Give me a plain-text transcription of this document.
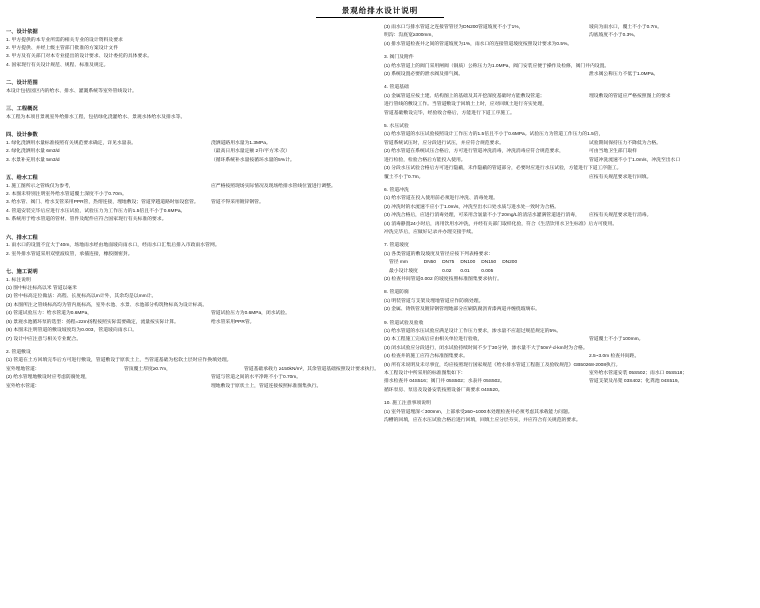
景观给排水设计说明
一、设计依据
1. 甲方提供的本专业所需的相关专业的设计资料及要求
2. 甲方提供、并经上级主管部门批准的方案设计文件
3. 甲方及有关部门对本专业提出的设计要求、设计委托的具体要求。
4. 国家现行有关设计规范、规程、标准及规定。
二、设计范围
本设计包括园区内的给水、排水、灌溉系统等室外管线设计。
三、工程概况
本工程为本项目景观室外给排水工程，包括绿化浇灌给水、景观水体给水及排水等。
四、设计参数
1. 绿化浇洒用水量标准按照有关规范要求确定，详见水量表。	浇洒道路用水量为1.3MPa。
2. 绿化浇洒用水量 6m3/d	（最高日用水量定额 2升/平方米·次）
3. 水景补充用水量 5m3/d	（循环系统补水量按循环水量的5%计。
五、给水工程
1. 施工图所示之管线仅为参考，	应严格按照现场实际情况及现场给排水管线位置进行调整。
2. 本图未特别注明室外给水管道覆土深度不小于0.70m。
3. 给水管、阀门、给水支管采用PPR管，热熔连接，埋地敷设；管道穿越道路时加设套管。	管道不得采用镀锌钢管。
4. 管道安装完毕后应进行水压试验，试验压力为工作压力的1.5倍且不小于0.6MPa。
5. 系统用于给水管道的管材、管件及配件应符合国家现行有关标准的要求。
六、排水工程
1. 雨水口的设置不宜大于40m，场地雨水经由地面坡向雨水口，经雨水口汇集后排入市政雨水管网。
2. 室外排水管道采用双壁波纹管，承插连接，橡胶圈密封。
七、施工说明
1. 标注说明
(1) 图中标注标高以米 管道以毫米
(2) 管中标高定位做法：高程、长度标高以m计外，其余均是以mm计。
(3) 本图所注之管线标高均为管内底标高，室外水池、水景、水池部分构筑物标高为设计标高。
(4) 管道试验压力：给水管道为0.6MPa，	管道试验压力为0.6MPa，闭水试验。
(5) 景观水池循环泵的选型：扬程=22m扬程按照实际需要确定，流量按实际计算。	给水管采用PPR管。
(6) 本图未注明管道的敷设坡度均为0.003，管道坡向雨水口。
(7) 设计中应注意与相关专业配合。
2. 管道敷设
(1) 管道在土方回填完毕后方可进行敷设，管道敷设于原状土上，当管道基础为松软土层时应作换填处理。
室外埋地管道：	管顶覆土厚度≥0.7m，	管道基础承载力 ≥150kN/m²，其余管道基础按照设计要求执行。
(2) 给水管埋地敷设时应考虑防腐处理，	管道与管道之间的水平净距不小于0.70m。
室外给水管道：	埋地敷设于原状土上，管道连接按照标准图集执行。
(3) 雨水口与排水管道之连接管管径为DN200管道坡度不小于1%，	坡向为雨水口，覆土不小于0.7m。
明沟：沟底宽≥300mm，	沟底坡度不小于0.3%。
(4) 排水管道检查井之间的管道坡度为1%，雨水口的连接管道坡度按照设计要求为0.5%。
3. 阀门及附件
(1) 给水管道上的阀门采用闸阀（铜质）公称压力为1.0MPa，阀门安装应便于操作及检修，阀门井内设置。
(2) 系统设置必要的泄水阀及排气阀。	泄水阀公称压力不低于1.0MPa。
4. 管道基础
(1) 金属管道应按土建、结构图上的基础及其开挖深度基础时方能敷设管道；	埋设敷设的管道应严格按照图上的要求
进行管线的敷设工作。当管道敷设于回填土上时，应对回填土进行夯实处理，
管道基础敷设完毕，经验收合格后，方能进行下道工序施工。
5. 水压试验
(1) 给水管道的水压试验按照设计工作压力的1.5倍且不小于0.6MPa。试验压力为管道工作压力的1.5倍，
管道系统试压时，应分段进行试压，并应符合规范要求。	试验期间保持压力不降低为合格。
(2) 给水管道在系统试压合格后，方可进行管道冲洗消毒，冲洗消毒应符合规范要求，	可由当地卫生部门取样
进行检验，检验合格后方能投入使用。	管道冲洗流速不小于1.0m/s，冲洗至出水口
(3) 分段水压试验合格后方可进行隐蔽，未作隐蔽的管道部分，必要时应进行水压试验，方能进行下道工序施工。
覆土不小于0.7m。	应按有关规范要求进行回填。
6. 管道冲洗
(1) 给水管道在投入使用前必须进行冲洗、消毒处理。
(2) 冲洗时的水流速不应小于1.0m/s，冲洗至出水口处水质与进水处一致时为合格。
(3) 冲洗合格后，应进行消毒处理，可采用含氯量不小于20mg/L的清洁水灌满管道进行消毒，	应按有关规范要求进行消毒。
(4) 消毒静置24小时后，再用饮用水冲洗，并经有关部门取样化验，符合《生活饮用水卫生标准》后方可使用。
冲洗完毕后，应做好记录并办理交接手续。
7. 管道坡度
(1) 各类管道的敷设坡度及管径应按下列表格要求：
管径 mm	DN50	DN75	DN100	DN150	DN200
最小设计坡度		0.02	0.01	0.005	
(2) 检查井间管道0.002 的坡度按照标准图集要求执行。
8. 管道防腐
(1) 明装管道与支架及埋地管道应作防腐处理。
(2) 金属、铸铁管及镀锌钢管埋地部分应刷防腐沥青漆两道并缠绕玻璃布。
9. 管道试验及验收
(1) 给水管道的水压试验应满足设计工作压力要求，渗水量不应超过规范规定的5%。
(2) 本工程施工完成后应由相关单位进行验收，	管道覆土不小于100mm。
(3) 闭水试验应分段进行，闭水试验持续时间不少于30分钟，渗水量不大于50m³·d·km时为合格。
(4) 检查井的施工应符合标准图集要求。	2.5~3.0m 检查井间距。
(5) 所有未说明及未尽事宜，均应按照现行国家规范《给水排水管道工程施工及验收规范》GB50268-2008执行。
本工程设计中所采用的标准图集如下：	室外给水管道安装 05S502；雨水口 05S518；
排水检查井 04S516；阀门井 05S502；水表井 05S502。	管道支架及吊架 03S402；化粪池 04S519。
循环泵房、泵房及设备安装按照设备厂商要求 04S520。
10. 施工注意事项说明
(1) 室外管道埋深＜300mm，上部承受≥50~1000本处理检查井必须考虑其承载能力问题。
沟槽的回填，应在水压试验合格后进行回填，回填土应分层夯实，并应符合有关规范的要求。
